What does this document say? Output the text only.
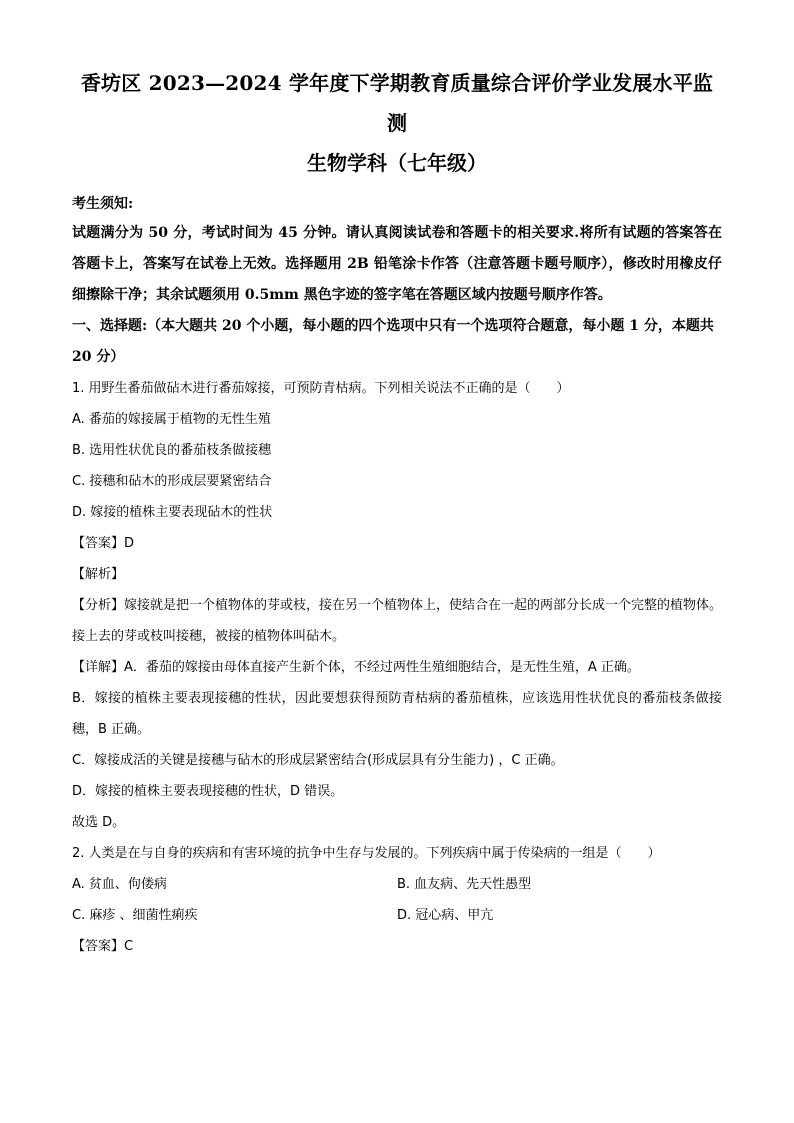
香坊区 2023—2024 学年度下学期教育质量综合评价学业发展水平监
测
生物学科（七年级）
考生须知:
试题满分为 50 分，考试时间为 45 分钟。请认真阅读试卷和答题卡的相关要求.将所有试题的答案答在答题卡上，答案写在试卷上无效。选择题用 2B 铅笔涂卡作答（注意答题卡题号顺序），修改时用橡皮仔细擦除干净；其余试题须用 0.5mm 黑色字迹的签字笔在答题区域内按题号顺序作答。
一、选择题:（本大题共 20 个小题，每小题的四个选项中只有一个选项符合题意，每小题 1 分，本题共 20 分）
1. 用野生番茄做砧木进行番茄嫁接，可预防青枯病。下列相关说法不正确的是（　　）
A. 番茄的嫁接属于植物的无性生殖
B. 选用性状优良的番茄枝条做接穗
C. 接穗和砧木的形成层要紧密结合
D. 嫁接的植株主要表现砧木的性状
【答案】D
【解析】
【分析】嫁接就是把一个植物体的芽或枝，接在另一个植物体上，使结合在一起的两部分长成一个完整的植物体。接上去的芽或枝叫接穗，被接的植物体叫砧木。
【详解】A．番茄的嫁接由母体直接产生新个体，不经过两性生殖细胞结合，是无性生殖，A 正确。
B．嫁接的植株主要表现接穗的性状，因此要想获得预防青枯病的番茄植株，应该选用性状优良的番茄枝条做接穗，B 正确。
C．嫁接成活的关键是接穗与砧木的形成层紧密结合(形成层具有分生能力) ，C 正确。
D．嫁接的植株主要表现接穗的性状，D 错误。
故选 D。
2. 人类是在与自身的疾病和有害环境的抗争中生存与发展的。下列疾病中属于传染病的一组是（　　）
A. 贫血、佝偻病	B. 血友病、先天性愚型
C. 麻疹 、细菌性痢疾	D. 冠心病、甲亢
【答案】C
